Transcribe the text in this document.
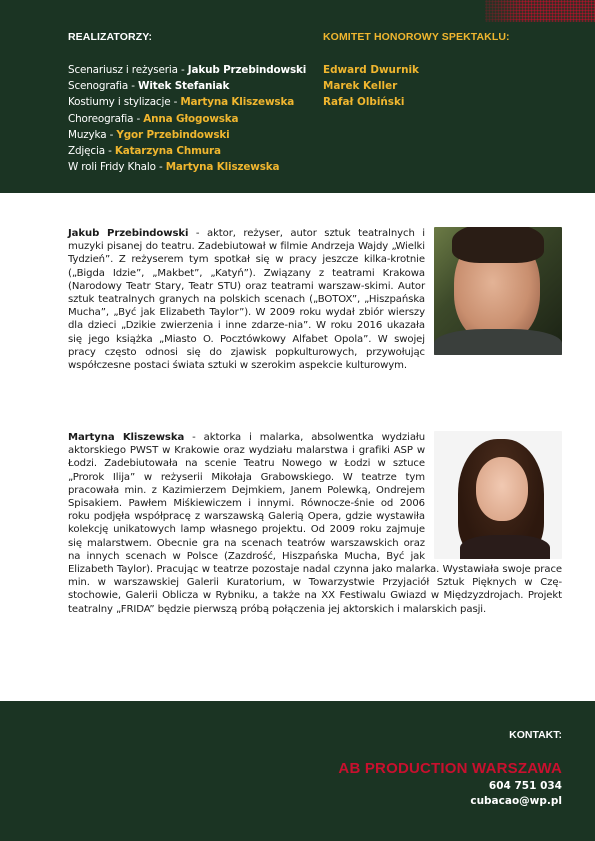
REALIZATORZY:
Scenariusz i reżyseria - Jakub Przebindowski
Scenografia - Witek Stefaniak
Kostiumy i stylizacje - Martyna Kliszewska
Choreografia - Anna Głogowska
Muzyka - Ygor Przebindowski
Zdjęcia - Katarzyna Chmura
W roli Fridy Khalo - Martyna Kliszewska
KOMITET HONOROWY SPEKTAKLU:
Edward Dwurnik
Marek Keller
Rafał Olbiński
Jakub Przebindowski - aktor, reżyser, autor sztuk teatralnych i muzyki pisanej do teatru. Zadebiutował w filmie Andrzeja Wajdy „Wielki Tydzień”. Z reżyserem tym spotkał się w pracy jeszcze kilka-krotnie („Bigda Idzie”, „Makbet”, „Katyń”). Związany z teatrami Krakowa (Narodowy Teatr Stary, Teatr STU) oraz teatrami warszaw-skimi. Autor sztuk teatralnych granych na polskich scenach („BOTOX”, „Hiszpańska Mucha”, „Być jak Elizabeth Taylor”). W 2009 roku wydał zbiór wierszy dla dzieci „Dzikie zwierzenia i inne zdarze-nia”. W roku 2016 ukazała się jego książka „Miasto O. Pocztówkowy Alfabet Opola”. W swojej pracy często odnosi się do zjawisk popkulturowych, przywołując współczesne postaci świata sztuki w szerokim aspekcie kulturowym.
Martyna Kliszewska - aktorka i malarka, absolwentka wydziału aktorskiego PWST w Krakowie oraz wydziału malarstwa i grafiki ASP w Łodzi. Zadebiutowała na scenie Teatru Nowego w Łodzi w sztuce „Prorok Ilija” w reżyserii Mikołaja Grabowskiego. W teatrze tym pracowała min. z Kazimierzem Dejmkiem, Janem Polewką, Ondrejem Spisakiem. Pawłem Miśkiewiczem i innymi. Równocze-śnie od 2006 roku podjęła współpracę z warszawską Galerią Opera, gdzie wystawiła kolekcję unikatowych lamp własnego projektu. Od 2009 roku zajmuje się malarstwem. Obecnie gra na scenach teatrów warszawskich oraz na innych scenach w Polsce (Zazdrość, Hiszpańska Mucha, Być jak Elizabeth Taylor). Pracując w teatrze pozostaje nadal czynna jako malarka. Wystawiała swoje prace min. w warszawskiej Galerii Kuratorium, w Towarzystwie Przyjaciół Sztuk Pięknych w Czę-stochowie, Galerii Oblicza w Rybniku, a także na XX Festiwalu Gwiazd w Międzyzdrojach. Projekt teatralny „FRIDA” będzie pierwszą próbą połączenia jej aktorskich i malarskich pasji.
KONTAKT:
AB PRODUCTION WARSZAWA
604 751 034
cubacao@wp.pl
